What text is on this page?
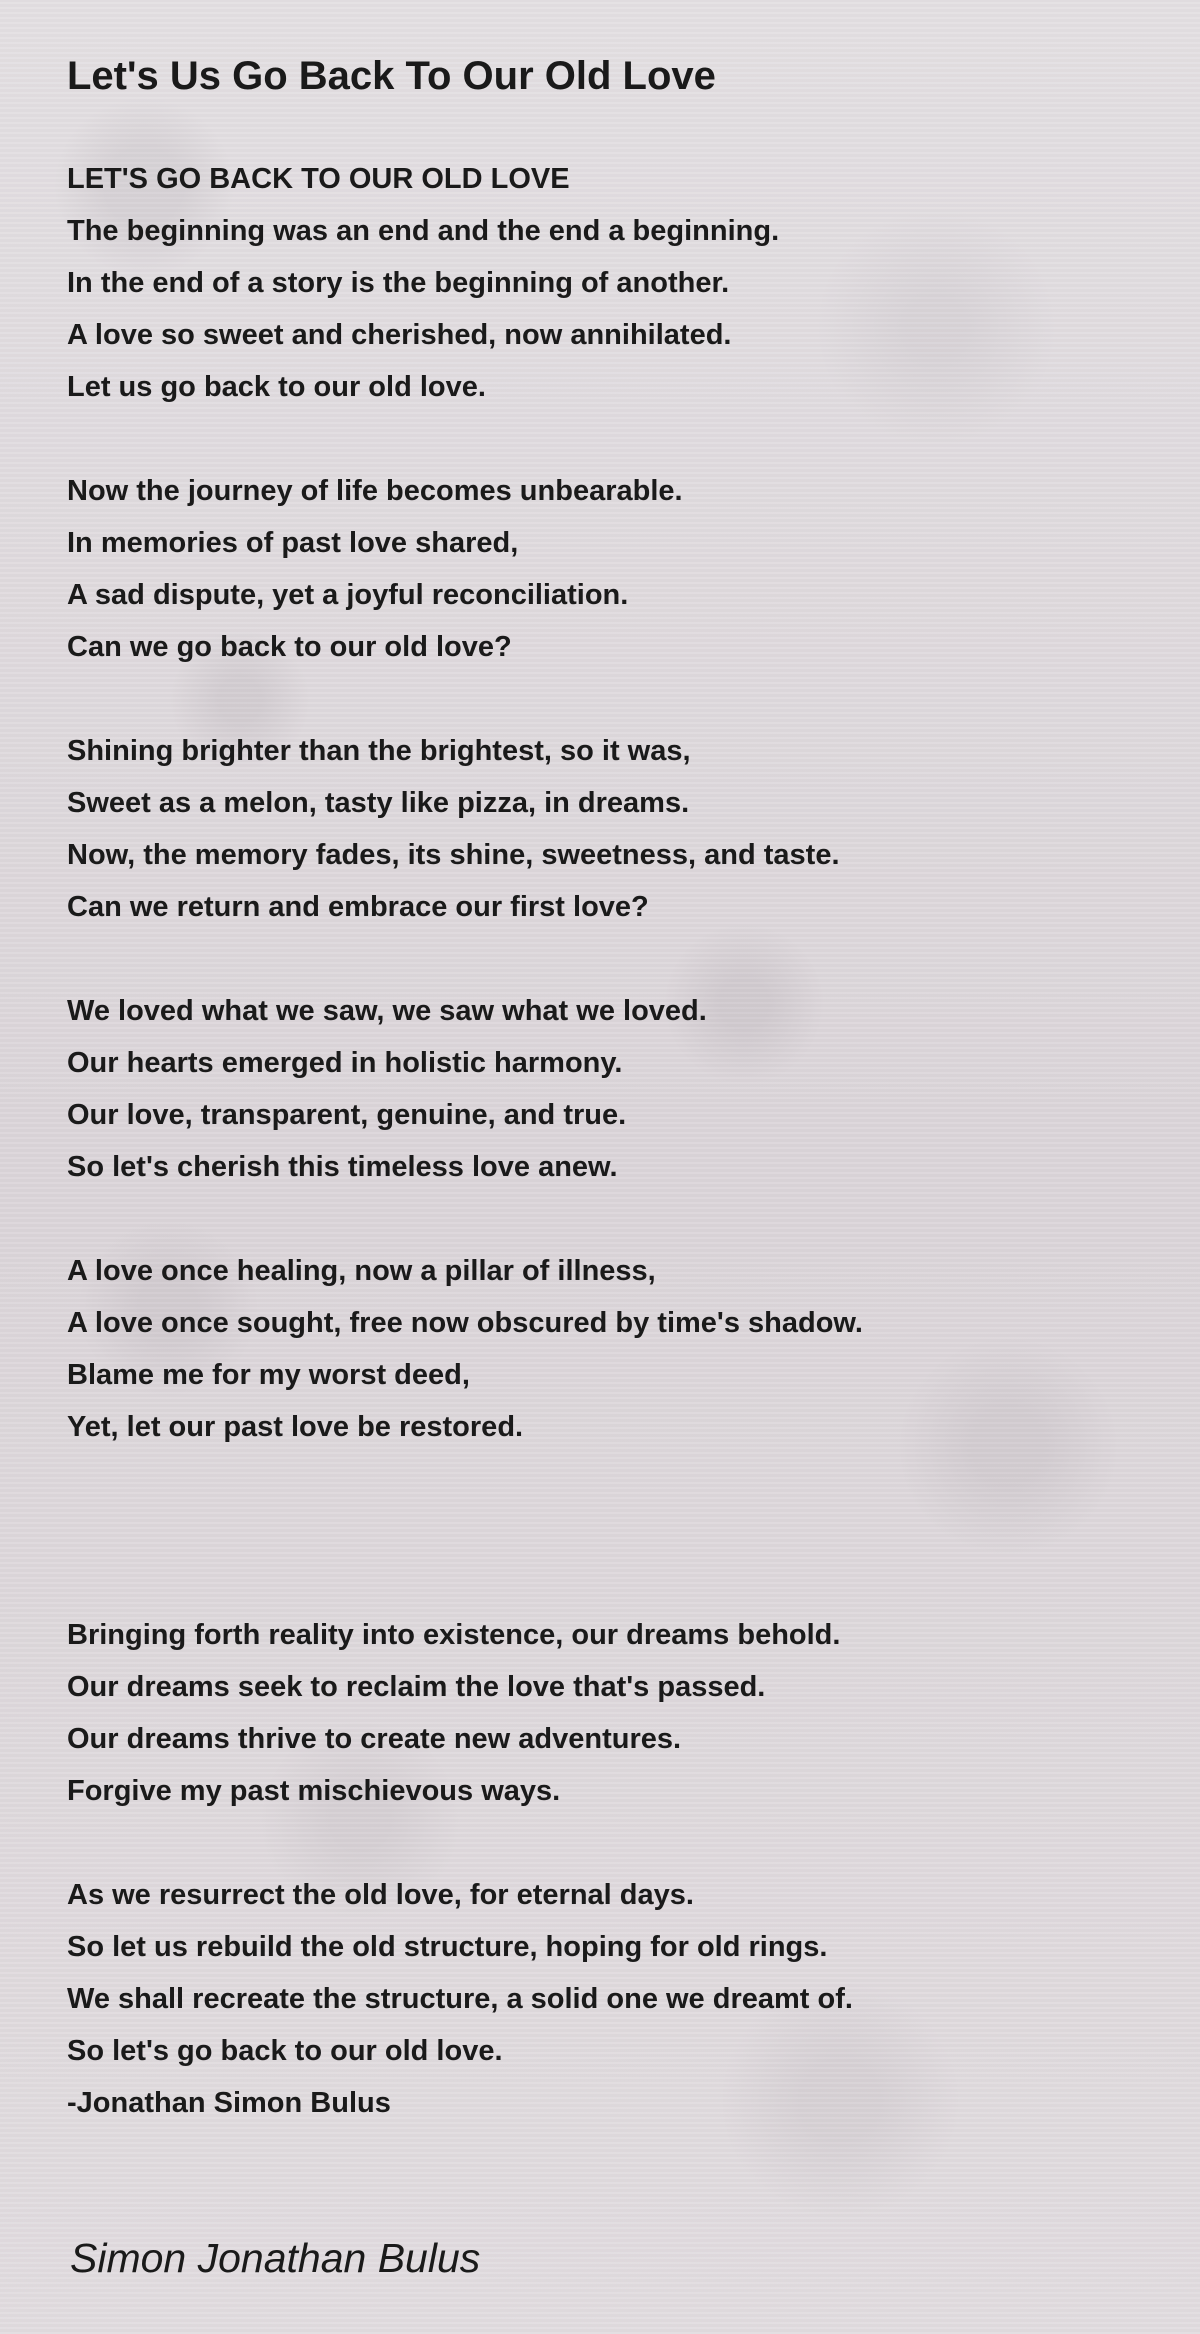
Let's Us Go Back To Our Old Love
LET'S GO BACK TO OUR OLD LOVE
The beginning was an end and the end a beginning.
In the end of a story is the beginning of another.
A love so sweet and cherished, now annihilated.
Let us go back to our old love.
Now the journey of life becomes unbearable.
In memories of past love shared,
A sad dispute, yet a joyful reconciliation.
Can we go back to our old love?
Shining brighter than the brightest, so it was,
Sweet as a melon, tasty like pizza, in dreams.
Now, the memory fades, its shine, sweetness, and taste.
Can we return and embrace our first love?
We loved what we saw, we saw what we loved.
Our hearts emerged in holistic harmony.
Our love, transparent, genuine, and true.
So let's cherish this timeless love anew.
A love once healing, now a pillar of illness,
A love once sought, free now obscured by time's shadow.
Blame me for my worst deed,
Yet, let our past love be restored.
Bringing forth reality into existence, our dreams behold.
Our dreams seek to reclaim the love that's passed.
Our dreams thrive to create new adventures.
Forgive my past mischievous ways.
As we resurrect the old love, for eternal days.
So let us rebuild the old structure, hoping for old rings.
We shall recreate the structure, a solid one we dreamt of.
So let's go back to our old love.
-Jonathan Simon Bulus
Simon Jonathan Bulus
